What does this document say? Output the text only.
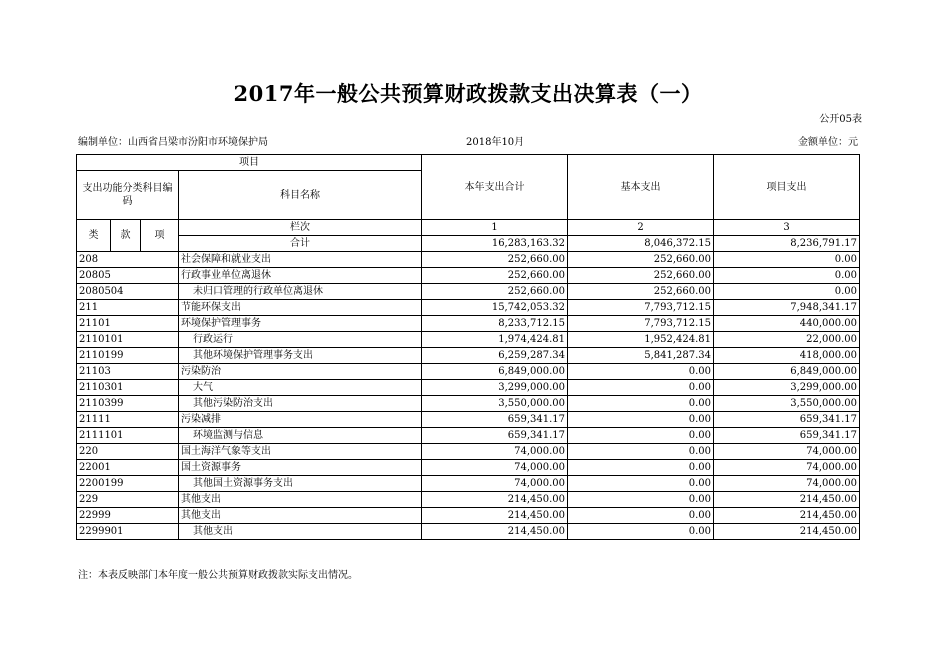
2017年一般公共预算财政拨款支出决算表（一）
公开05表
编制单位：山西省吕梁市汾阳市环境保护局	2018年10月	金额单位：元
项目				本年支出合计	基本支出	项目支出
支出功能分类科目编码			科目名称			

类	款	项	栏次	1	2	3
			合计	16,283,163.32	8,046,372.15	8,236,791.17
208			社会保障和就业支出	252,660.00	252,660.00	0.00
20805			行政事业单位离退休	252,660.00	252,660.00	0.00
2080504			未归口管理的行政单位离退休	252,660.00	252,660.00	0.00
211			节能环保支出	15,742,053.32	7,793,712.15	7,948,341.17
21101			环境保护管理事务	8,233,712.15	7,793,712.15	440,000.00
2110101			行政运行	1,974,424.81	1,952,424.81	22,000.00
2110199			其他环境保护管理事务支出	6,259,287.34	5,841,287.34	418,000.00
21103			污染防治	6,849,000.00	0.00	6,849,000.00
2110301			大气	3,299,000.00	0.00	3,299,000.00
2110399			其他污染防治支出	3,550,000.00	0.00	3,550,000.00
21111			污染减排	659,341.17	0.00	659,341.17
2111101			环境监测与信息	659,341.17	0.00	659,341.17
220			国土海洋气象等支出	74,000.00	0.00	74,000.00
22001			国土资源事务	74,000.00	0.00	74,000.00
2200199			其他国土资源事务支出	74,000.00	0.00	74,000.00
229			其他支出	214,450.00	0.00	214,450.00
22999			其他支出	214,450.00	0.00	214,450.00
2299901			其他支出	214,450.00	0.00	214,450.00
注：本表反映部门本年度一般公共预算财政拨款实际支出情况。
